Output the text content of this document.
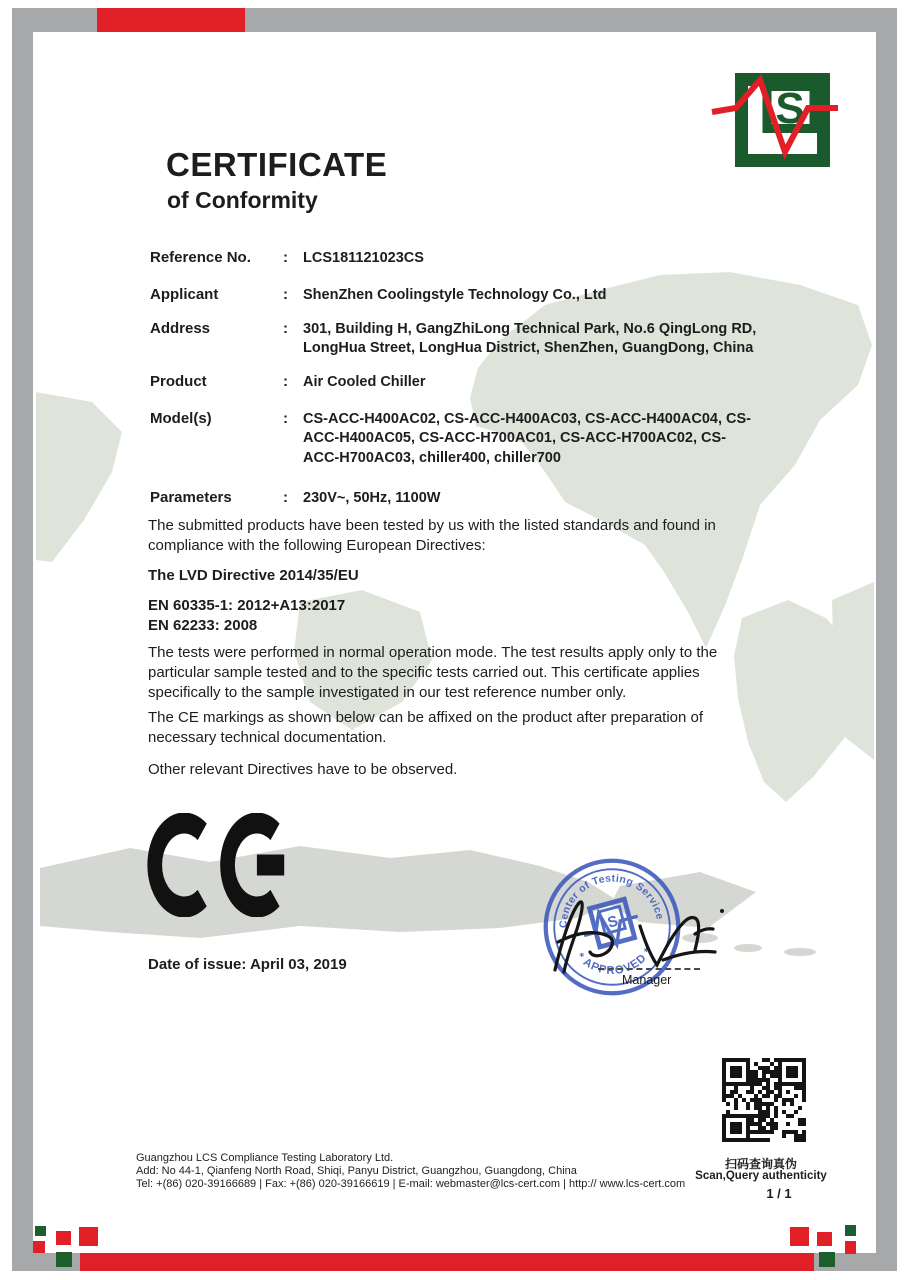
S
CERTIFICATE
of Conformity
Reference No.	: LCS181121023CS
Applicant	: ShenZhen Coolingstyle Technology Co., Ltd
Address	: 301, Building H, GangZhiLong Technical Park, No.6 QingLong RD, LongHua Street, LongHua District, ShenZhen, GuangDong, China
Product	: Air Cooled Chiller
Model(s)	: CS-ACC-H400AC02, CS-ACC-H400AC03, CS-ACC-H400AC04, CS-ACC-H400AC05, CS-ACC-H700AC01, CS-ACC-H700AC02, CS-ACC-H700AC03, chiller400, chiller700
Parameters	: 230V~, 50Hz, 1100W
The submitted products have been tested by us with the listed standards and found in compliance with the following European Directives:
The LVD Directive 2014/35/EU
EN 60335-1: 2012+A13:2017
EN 62233: 2008
The tests were performed in normal operation mode. The test results apply only to the particular sample tested and to the specific tests carried out. This certificate applies specifically to the sample investigated in our test reference number only.
The CE markings as shown below can be affixed on the product after preparation of necessary technical documentation.
Other relevant Directives have to be observed.
Date of issue: April 03, 2019
Guangzhou LCS Compliance Testing Laboratory Ltd.
Add: No 44-1, Qianfeng North Road, Shiqi, Panyu District, Guangzhou, Guangdong, China
Tel: +(86) 020-39166689 | Fax: +(86) 020-39166619 | E-mail: webmaster@lcs-cert.com | http:// www.lcs-cert.com
扫码查询真伪
Scan,Query authenticity
1 / 1
Center of Testing Service
* APPROVED *
S
Manager
